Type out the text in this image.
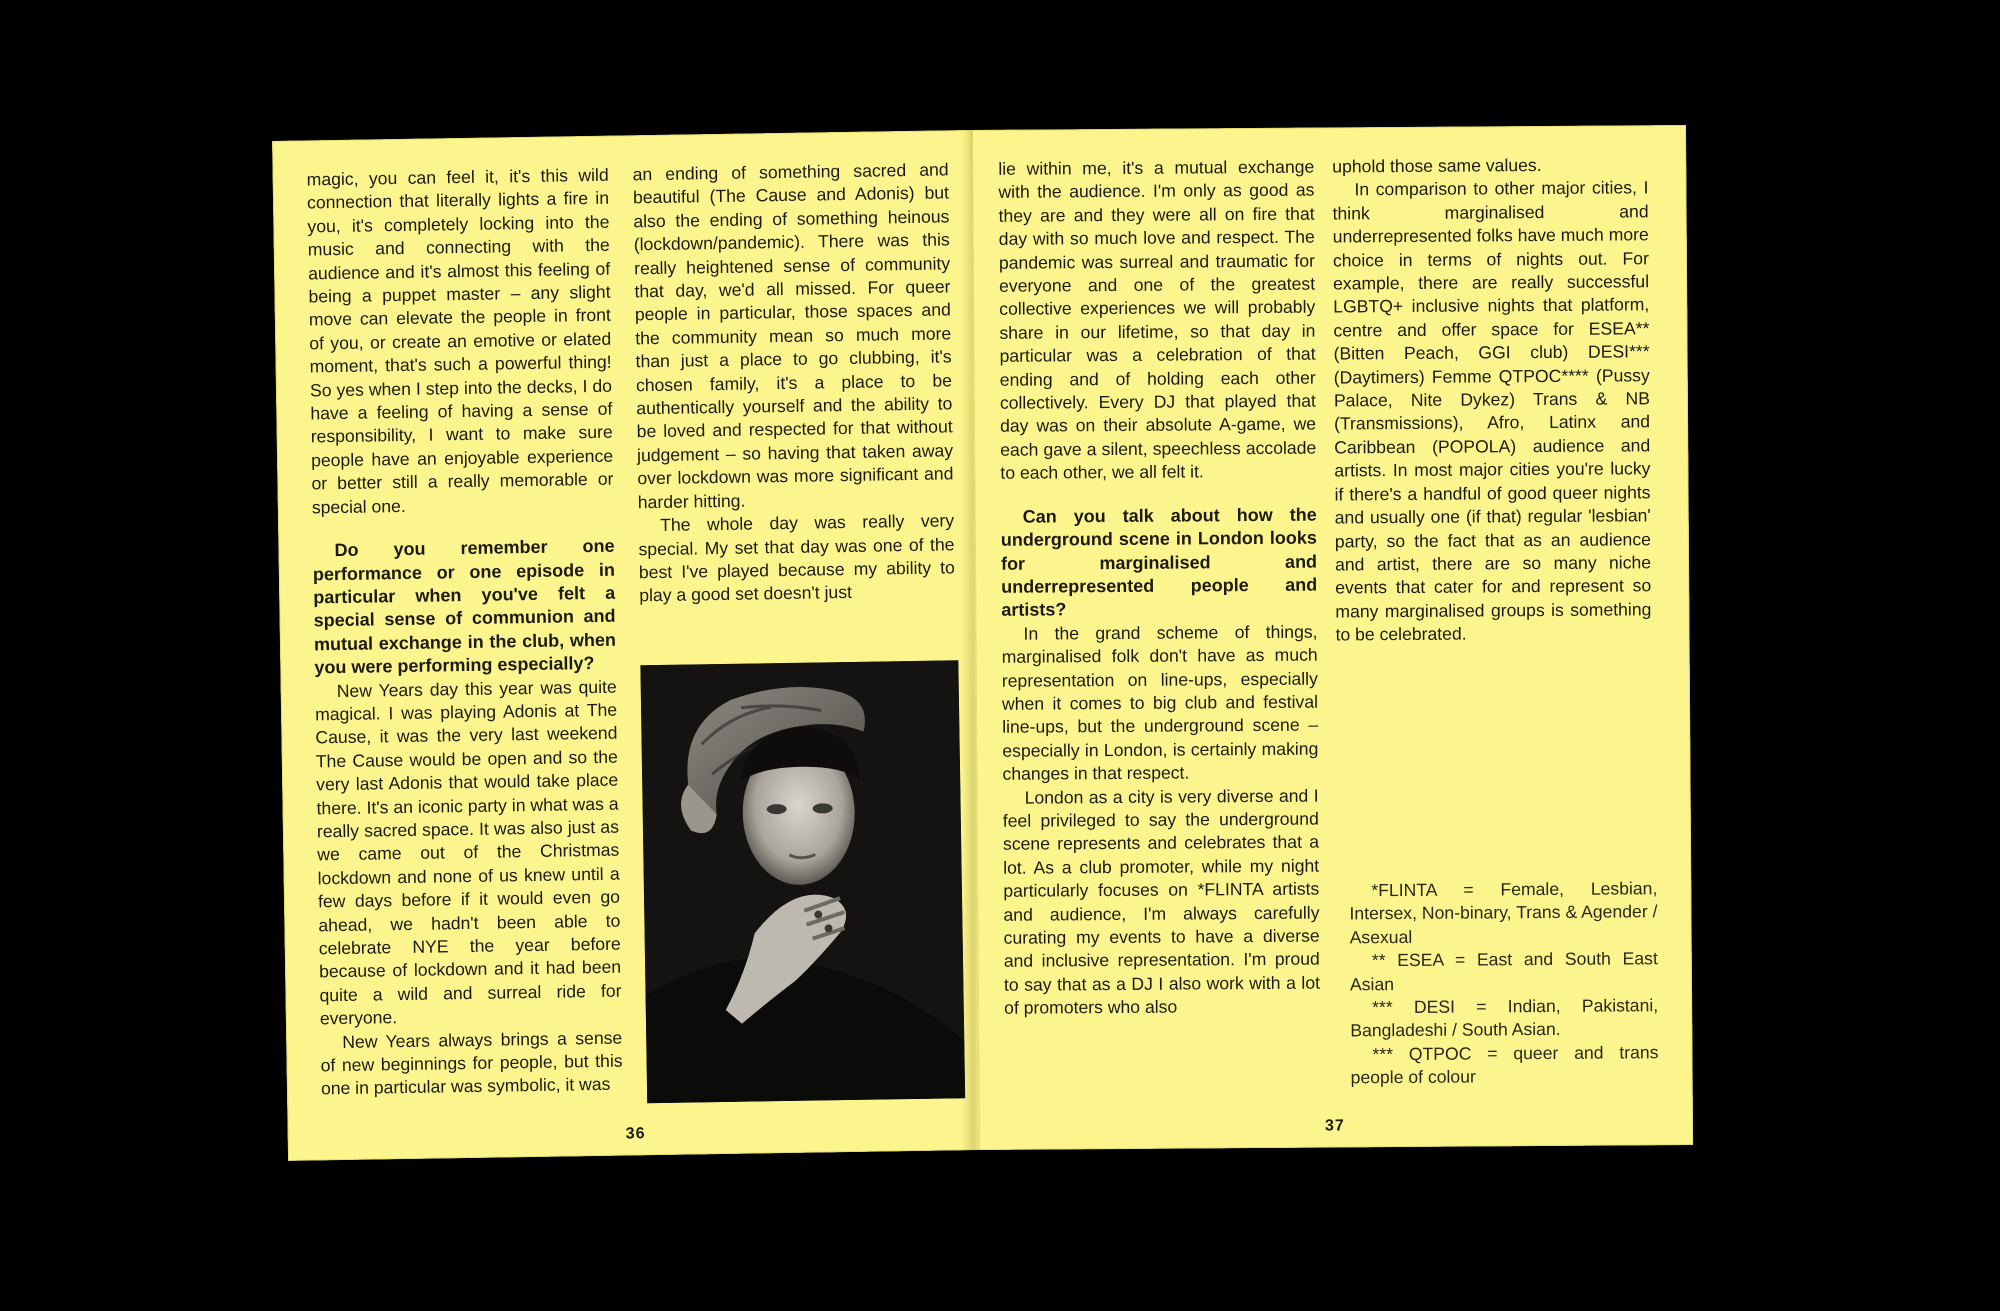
magic, you can feel it, it's this wild connection that literally lights a fire in you, it's completely locking into the music and connecting with the audience and it's almost this feeling of being a puppet master – any slight move can elevate the people in front of you, or create an emotive or elated moment, that's such a powerful thing! So yes when I step into the decks, I do have a feeling of having a sense of responsibility, I want to make sure people have an enjoyable experience or better still a really memorable or special one.

Do you remember one performance or one episode in particular when you've felt a special sense of communion and mutual exchange in the club, when you were performing especially?

New Years day this year was quite magical. I was playing Adonis at The Cause, it was the very last weekend The Cause would be open and so the very last Adonis that would take place there. It's an iconic party in what was a really sacred space. It was also just as we came out of the Christmas lockdown and none of us knew until a few days before if it would even go ahead, we hadn't been able to celebrate NYE the year before because of lockdown and it had been quite a wild and surreal ride for everyone.

New Years always brings a sense of new beginnings for people, but this one in particular was symbolic, it was

an ending of something sacred and beautiful (The Cause and Adonis) but also the ending of something heinous (lockdown/pandemic). There was this really heightened sense of community that day, we'd all missed. For queer people in particular, those spaces and the community mean so much more than just a place to go clubbing, it's chosen family, it's a place to be authentically yourself and the ability to be loved and respected for that without judgement – so having that taken away over lockdown was more significant and harder hitting.

The whole day was really very special. My set that day was one of the best I've played because my ability to play a good set doesn't just

36

lie within me, it's a mutual exchange with the audience. I'm only as good as they are and they were all on fire that day with so much love and respect. The pandemic was surreal and traumatic for everyone and one of the greatest collective experiences we will probably share in our lifetime, so that day in particular was a celebration of that ending and of holding each other collectively. Every DJ that played that day was on their absolute A-game, we each gave a silent, speechless accolade to each other, we all felt it.

Can you talk about how the underground scene in London looks for marginalised and underrepresented people and artists?

In the grand scheme of things, marginalised folk don't have as much representation on line-ups, especially when it comes to big club and festival line-ups, but the underground scene – especially in London, is certainly making changes in that respect.

London as a city is very diverse and I feel privileged to say the underground scene represents and celebrates that a lot. As a club promoter, while my night particularly focuses on *FLINTA artists and audience, I'm always carefully curating my events to have a diverse and inclusive representation. I'm proud to say that as a DJ I also work with a lot of promoters who also

uphold those same values.

In comparison to other major cities, I think marginalised and underrepresented folks have much more choice in terms of nights out. For example, there are really successful LGBTQ+ inclusive nights that platform, centre and offer space for ESEA** (Bitten Peach, GGI club) DESI*** (Daytimers) Femme QTPOC**** (Pussy Palace, Nite Dykez) Trans & NB (Transmissions), Afro, Latinx and Caribbean (POPOLA) audience and artists. In most major cities you're lucky if there's a handful of good queer nights and usually one (if that) regular 'lesbian' party, so the fact that as an audience and artist, there are so many niche events that cater for and represent so many marginalised groups is something to be celebrated.

*FLINTA = Female, Lesbian, Intersex, Non-binary, Trans & Agender / Asexual

** ESEA = East and South East Asian

*** DESI = Indian, Pakistani, Bangladeshi / South Asian.

*** QTPOC = queer and trans people of colour

37
